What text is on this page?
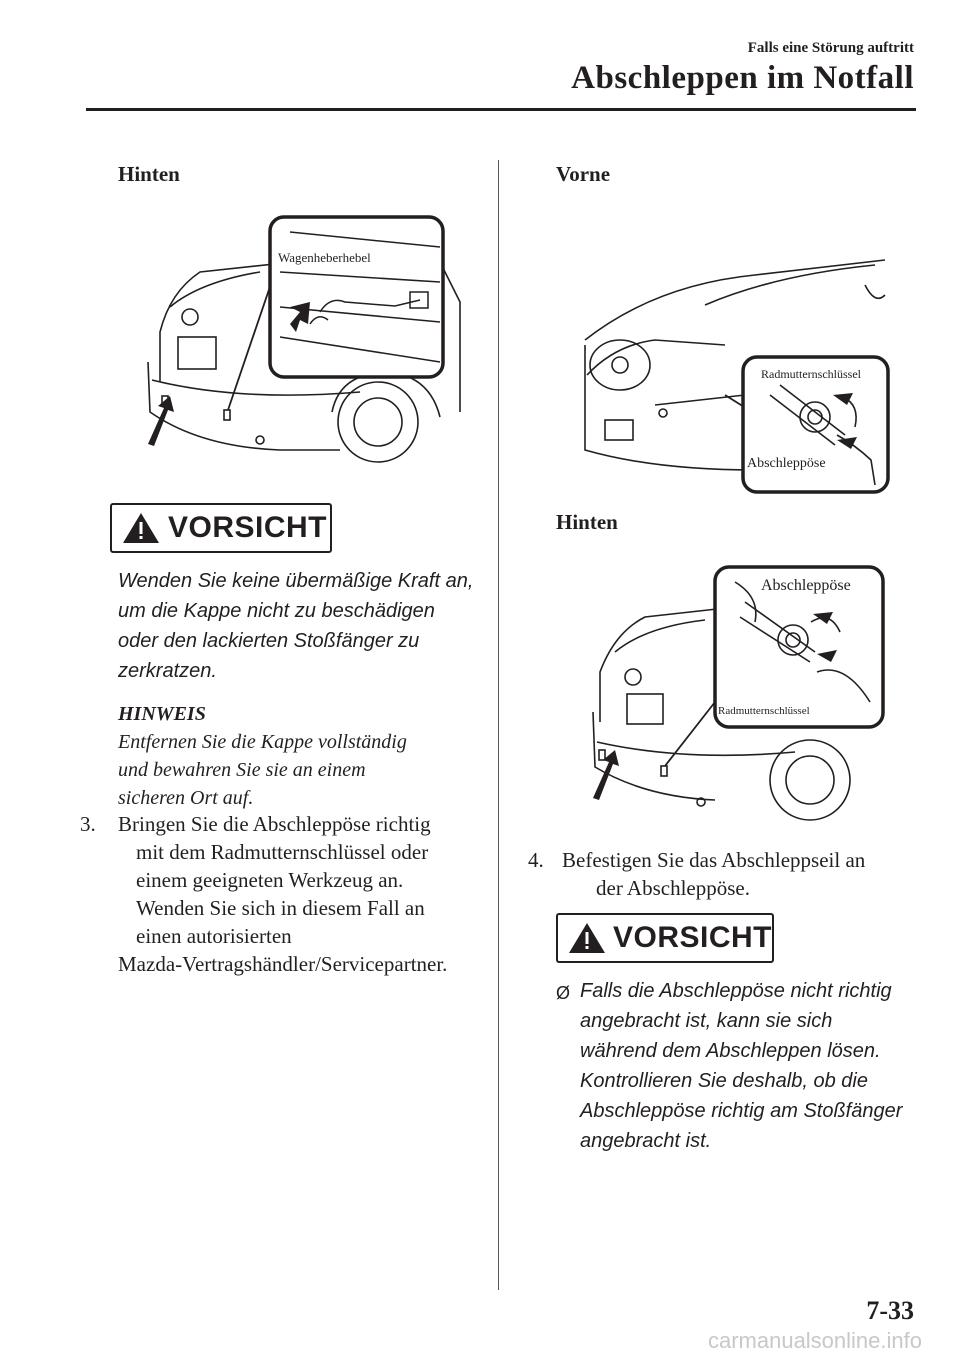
Falls eine Störung auftritt
Abschleppen im Notfall
Hinten
Wagenheberhebel
VORSICHT
Wenden Sie keine übermäßige Kraft an,
um die Kappe nicht zu beschädigen
oder den lackierten Stoßfänger zu
zerkratzen.
HINWEIS
Entfernen Sie die Kappe vollständig
und bewahren Sie sie an einem
sicheren Ort auf.
3. Bringen Sie die Abschleppöse richtig
mit dem Radmutternschlüssel oder
einem geeigneten Werkzeug an.
Wenden Sie sich in diesem Fall an
einen autorisierten
Mazda-Vertragshändler/Servicepartner.
Vorne
Radmutternschlüssel
Abschleppöse
Hinten
Abschleppöse
Radmutternschlüssel
4. Befestigen Sie das Abschleppseil an
der Abschleppöse.
VORSICHT
Ø Falls die Abschleppöse nicht richtig
angebracht ist, kann sie sich
während dem Abschleppen lösen.
Kontrollieren Sie deshalb, ob die
Abschleppöse richtig am Stoßfänger
angebracht ist.
7-33
carmanualsonline.info
